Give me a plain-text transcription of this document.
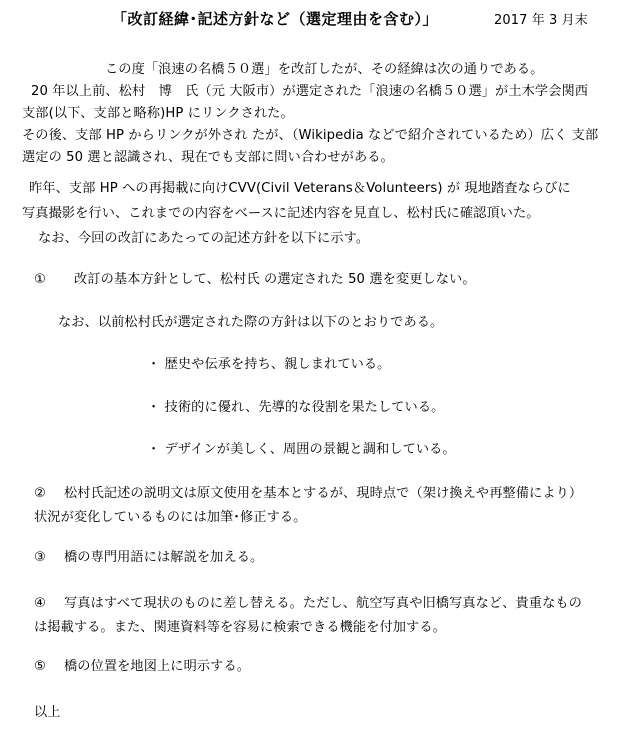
「改訂経緯･記述方針など（選定理由を含む）」	2017 年 3 月末
この度「浪速の名橋５０選」を改訂したが、その経緯は次の通りである。
20 年以上前、松村　博　氏（元 大阪市）が選定された「浪速の名橋５０選」が土木学会関西
支部(以下、支部と略称)HP にリンクされた。
その後、支部 HP からリンクが外され たが、（Wikipedia などで紹介されているため）広く 支部
選定の 50 選と認識され、現在でも支部に問い合わせがある。
昨年、支部 HP への再掲載に向けCVV(Civil Veterans＆Volunteers) が 現地踏査ならびに
写真撮影を行い、これまでの内容をベースに記述内容を見直し、松村氏に確認頂いた。
なお、今回の改訂にあたっての記述方針を以下に示す。
① 改訂の基本方針として、松村氏 の選定された 50 選を変更しない。
なお、以前松村氏が選定された際の方針は以下のとおりである。
・ 歴史や伝承を持ち、親しまれている。
・ 技術的に優れ、先導的な役割を果たしている。
・ デザインが美しく、周囲の景観と調和している。
② 松村氏記述の説明文は原文使用を基本とするが、現時点で（架け換えや再整備により）
状況が変化しているものには加筆･修正する。
③ 橋の専門用語には解説を加える。
④ 写真はすべて現状のものに差し替える。ただし、航空写真や旧橋写真など、貴重なもの
は掲載する。また、関連資料等を容易に検索できる機能を付加する。
⑤ 橋の位置を地図上に明示する。
以上
